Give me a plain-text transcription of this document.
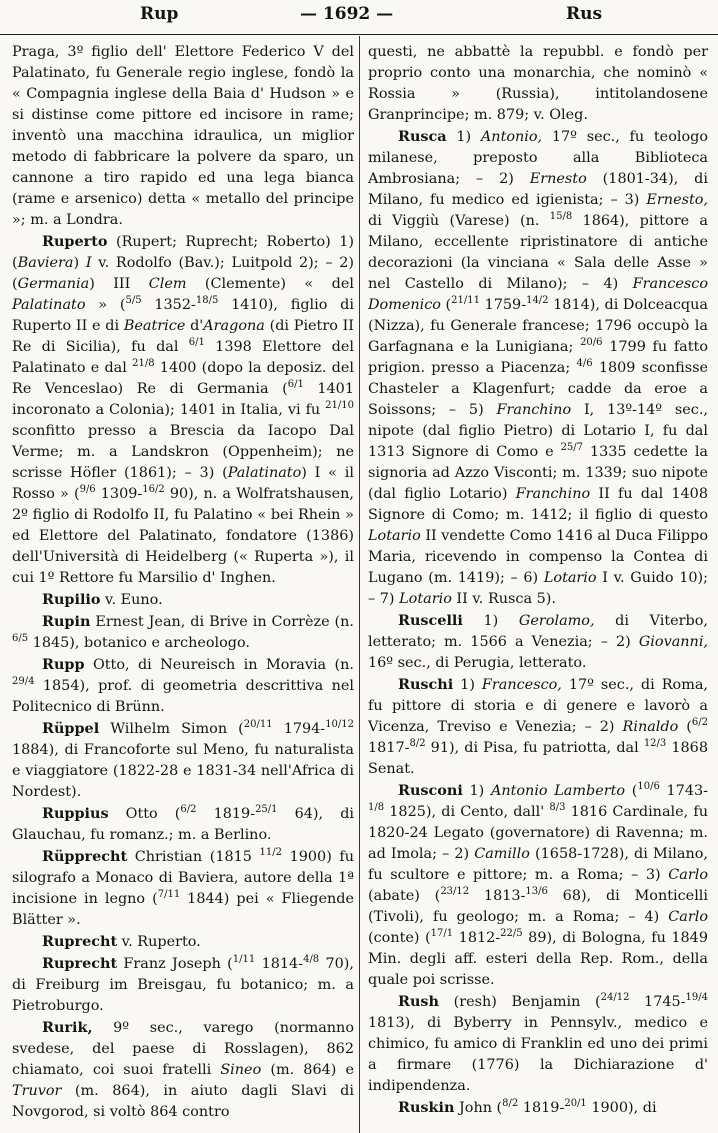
Rup	— 1692 —	Rus

Praga, 3º figlio dell' Elettore Federico V del Palatinato, fu Generale regio inglese, fondò la « Compagnia inglese della Baia d' Hudson » e si distinse come pittore ed incisore in rame; inventò una macchina idraulica, un miglior metodo di fabbricare la polvere da sparo, un cannone a tiro rapido ed una lega bianca (rame e arsenico) detta « metallo del principe »; m. a Londra.

Ruperto (Rupert; Ruprecht; Roberto) 1) (Baviera) I v. Rodolfo (Bav.); Luitpold 2); – 2) (Germania) III Clem (Clemente) « del Palatinato » ($^{5/5}$ 1352-$^{18/5}$ 1410), figlio di Ruperto II e di Beatrice d'Aragona (di Pietro II Re di Sicilia), fu dal $^{6/1}$ 1398 Elettore del Palatinato e dal $^{21/8}$ 1400 (dopo la deposiz. del Re Venceslao) Re di Germania ($^{6/1}$ 1401 incoronato a Colonia); 1401 in Italia, vi fu $^{21/10}$ sconfitto presso a Brescia da Iacopo Dal Verme; m. a Landskron (Oppenheim); ne scrisse Höfler (1861); – 3) (Palatinato) I « il Rosso » ($^{9/6}$ 1309-$^{16/2}$ 90), n. a Wolfratshausen, 2º figlio di Rodolfo II, fu Palatino « bei Rhein » ed Elettore del Palatinato, fondatore (1386) dell'Università di Heidelberg (« Ruperta »), il cui 1º Rettore fu Marsilio d' Inghen.

Rupilio v. Euno.

Rupin Ernest Jean, di Brive in Corrèze (n. $^{6/5}$ 1845), botanico e archeologo.

Rupp Otto, di Neureisch in Moravia (n. $^{29/4}$ 1854), prof. di geometria descrittiva nel Politecnico di Brünn.

Rüppel Wilhelm Simon ($^{20/11}$ 1794-$^{10/12}$ 1884), di Francoforte sul Meno, fu naturalista e viaggiatore (1822-28 e 1831-34 nell'Africa di Nordest).

Ruppius Otto ($^{6/2}$ 1819-$^{25/1}$ 64), di Glauchau, fu romanz.; m. a Berlino.

Rüpprecht Christian (1815 $^{11/2}$ 1900) fu silografo a Monaco di Baviera, autore della 1ª incisione in legno ($^{7/11}$ 1844) pei « Fliegende Blätter ».

Ruprecht v. Ruperto.

Ruprecht Franz Joseph ($^{1/11}$ 1814-$^{4/8}$ 70), di Freiburg im Breisgau, fu botanico; m. a Pietroburgo.

Rurik, 9º sec., varego (normanno svedese, del paese di Rosslagen), 862 chiamato, coi suoi fratelli Sineo (m. 864) e Truvor (m. 864), in aiuto dagli Slavi di Novgorod, si voltò 864 contro

questi, ne abbattè la repubbl. e fondò per proprio conto una monarchia, che nominò « Rossia » (Russia), intitolandosene Granprincipe; m. 879; v. Oleg.

Rusca 1) Antonio, 17º sec., fu teologo milanese, preposto alla Biblioteca Ambrosiana; – 2) Ernesto (1801-34), di Milano, fu medico ed igienista; – 3) Ernesto, di Viggiù (Varese) (n. $^{15/8}$ 1864), pittore a Milano, eccellente ripristinatore di antiche decorazioni (la vinciana « Sala delle Asse » nel Castello di Milano); – 4) Francesco Domenico ($^{21/11}$ 1759-$^{14/2}$ 1814), di Dolceacqua (Nizza), fu Generale francese; 1796 occupò la Garfagnana e la Lunigiana; $^{20/6}$ 1799 fu fatto prigion. presso a Piacenza; $^{4/6}$ 1809 sconfisse Chasteler a Klagenfurt; cadde da eroe a Soissons; – 5) Franchino I, 13º-14º sec., nipote (dal figlio Pietro) di Lotario I, fu dal 1313 Signore di Como e $^{25/7}$ 1335 cedette la signoria ad Azzo Visconti; m. 1339; suo nipote (dal figlio Lotario) Franchino II fu dal 1408 Signore di Como; m. 1412; il figlio di questo Lotario II vendette Como 1416 al Duca Filippo Maria, ricevendo in compenso la Contea di Lugano (m. 1419); – 6) Lotario I v. Guido 10); – 7) Lotario II v. Rusca 5).

Ruscelli 1) Gerolamo, di Viterbo, letterato; m. 1566 a Venezia; – 2) Giovanni, 16º sec., di Perugia, letterato.

Ruschi 1) Francesco, 17º sec., di Roma, fu pittore di storia e di genere e lavorò a Vicenza, Treviso e Venezia; – 2) Rinaldo ($^{6/2}$ 1817-$^{8/2}$ 91), di Pisa, fu patriotta, dal $^{12/3}$ 1868 Senat.

Rusconi 1) Antonio Lamberto ($^{10/6}$ 1743-$^{1/8}$ 1825), di Cento, dall' $^{8/3}$ 1816 Cardinale, fu 1820-24 Legato (governatore) di Ravenna; m. ad Imola; – 2) Camillo (1658-1728), di Milano, fu scultore e pittore; m. a Roma; – 3) Carlo (abate) ($^{23/12}$ 1813-$^{13/6}$ 68), di Monticelli (Tivoli), fu geologo; m. a Roma; – 4) Carlo (conte) ($^{17/1}$ 1812-$^{22/5}$ 89), di Bologna, fu 1849 Min. degli aff. esteri della Rep. Rom., della quale poi scrisse.

Rush (resh) Benjamin ($^{24/12}$ 1745-$^{19/4}$ 1813), di Byberry in Pennsylv., medico e chimico, fu amico di Franklin ed uno dei primi a firmare (1776) la Dichiarazione d' indipendenza.

Ruskin John ($^{8/2}$ 1819-$^{20/1}$ 1900), di
